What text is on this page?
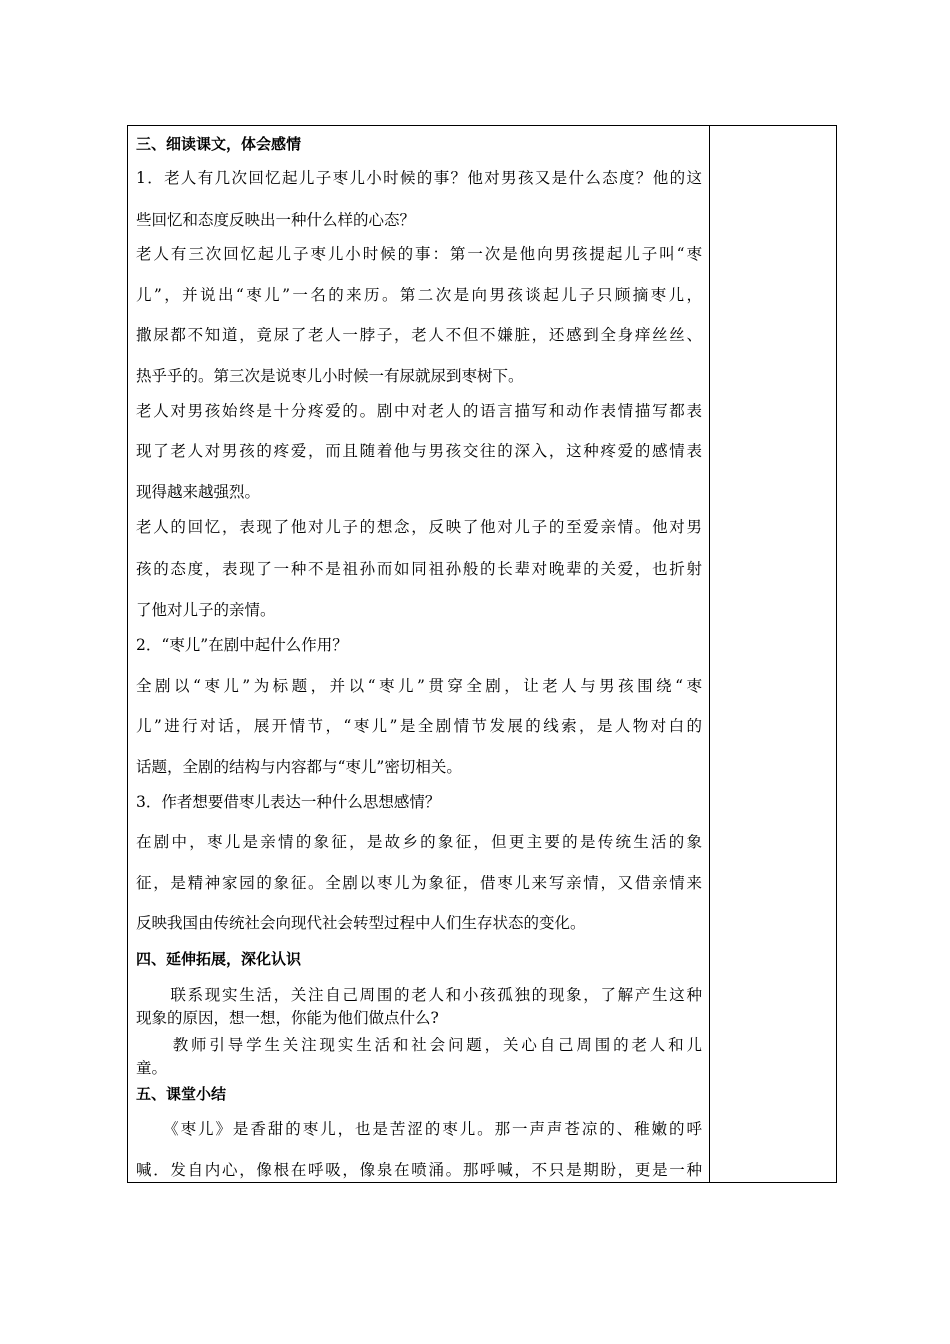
三、细读课文，体会感情
1．老人有几次回忆起儿子枣儿小时候的事？他对男孩又是什么态度？他的这
些回忆和态度反映出一种什么样的心态？
老人有三次回忆起儿子枣儿小时候的事：第一次是他向男孩提起儿子叫“枣
儿”，并说出“枣儿”一名的来历。第二次是向男孩谈起儿子只顾摘枣儿，
撒尿都不知道，竟尿了老人一脖子，老人不但不嫌脏，还感到全身痒丝丝、
热乎乎的。第三次是说枣儿小时候一有尿就尿到枣树下。
老人对男孩始终是十分疼爱的。剧中对老人的语言描写和动作表情描写都表
现了老人对男孩的疼爱，而且随着他与男孩交往的深入，这种疼爱的感情表
现得越来越强烈。
老人的回忆，表现了他对儿子的想念，反映了他对儿子的至爱亲情。他对男
孩的态度，表现了一种不是祖孙而如同祖孙般的长辈对晚辈的关爱，也折射
了他对儿子的亲情。
2．“枣儿”在剧中起什么作用？
全剧以“枣儿”为标题，并以“枣儿”贯穿全剧，让老人与男孩围绕“枣
儿”进行对话，展开情节，“枣儿”是全剧情节发展的线索，是人物对白的
话题，全剧的结构与内容都与“枣儿”密切相关。
3．作者想要借枣儿表达一种什么思想感情？
在剧中，枣儿是亲情的象征，是故乡的象征，但更主要的是传统生活的象
征，是精神家园的象征。全剧以枣儿为象征，借枣儿来写亲情，又借亲情来
反映我国由传统社会向现代社会转型过程中人们生存状态的变化。
四、延伸拓展，深化认识
　　联系现实生活，关注自己周围的老人和小孩孤独的现象，了解产生这种
现象的原因，想一想，你能为他们做点什么?
　　教师引导学生关注现实生活和社会问题，关心自己周围的老人和儿
童。
五、课堂小结
　　《枣儿》是香甜的枣儿，也是苦涩的枣儿。那一声声苍凉的、稚嫩的呼
喊．发自内心，像根在呼吸，像泉在喷涌。那呼喊，不只是期盼，更是一种
